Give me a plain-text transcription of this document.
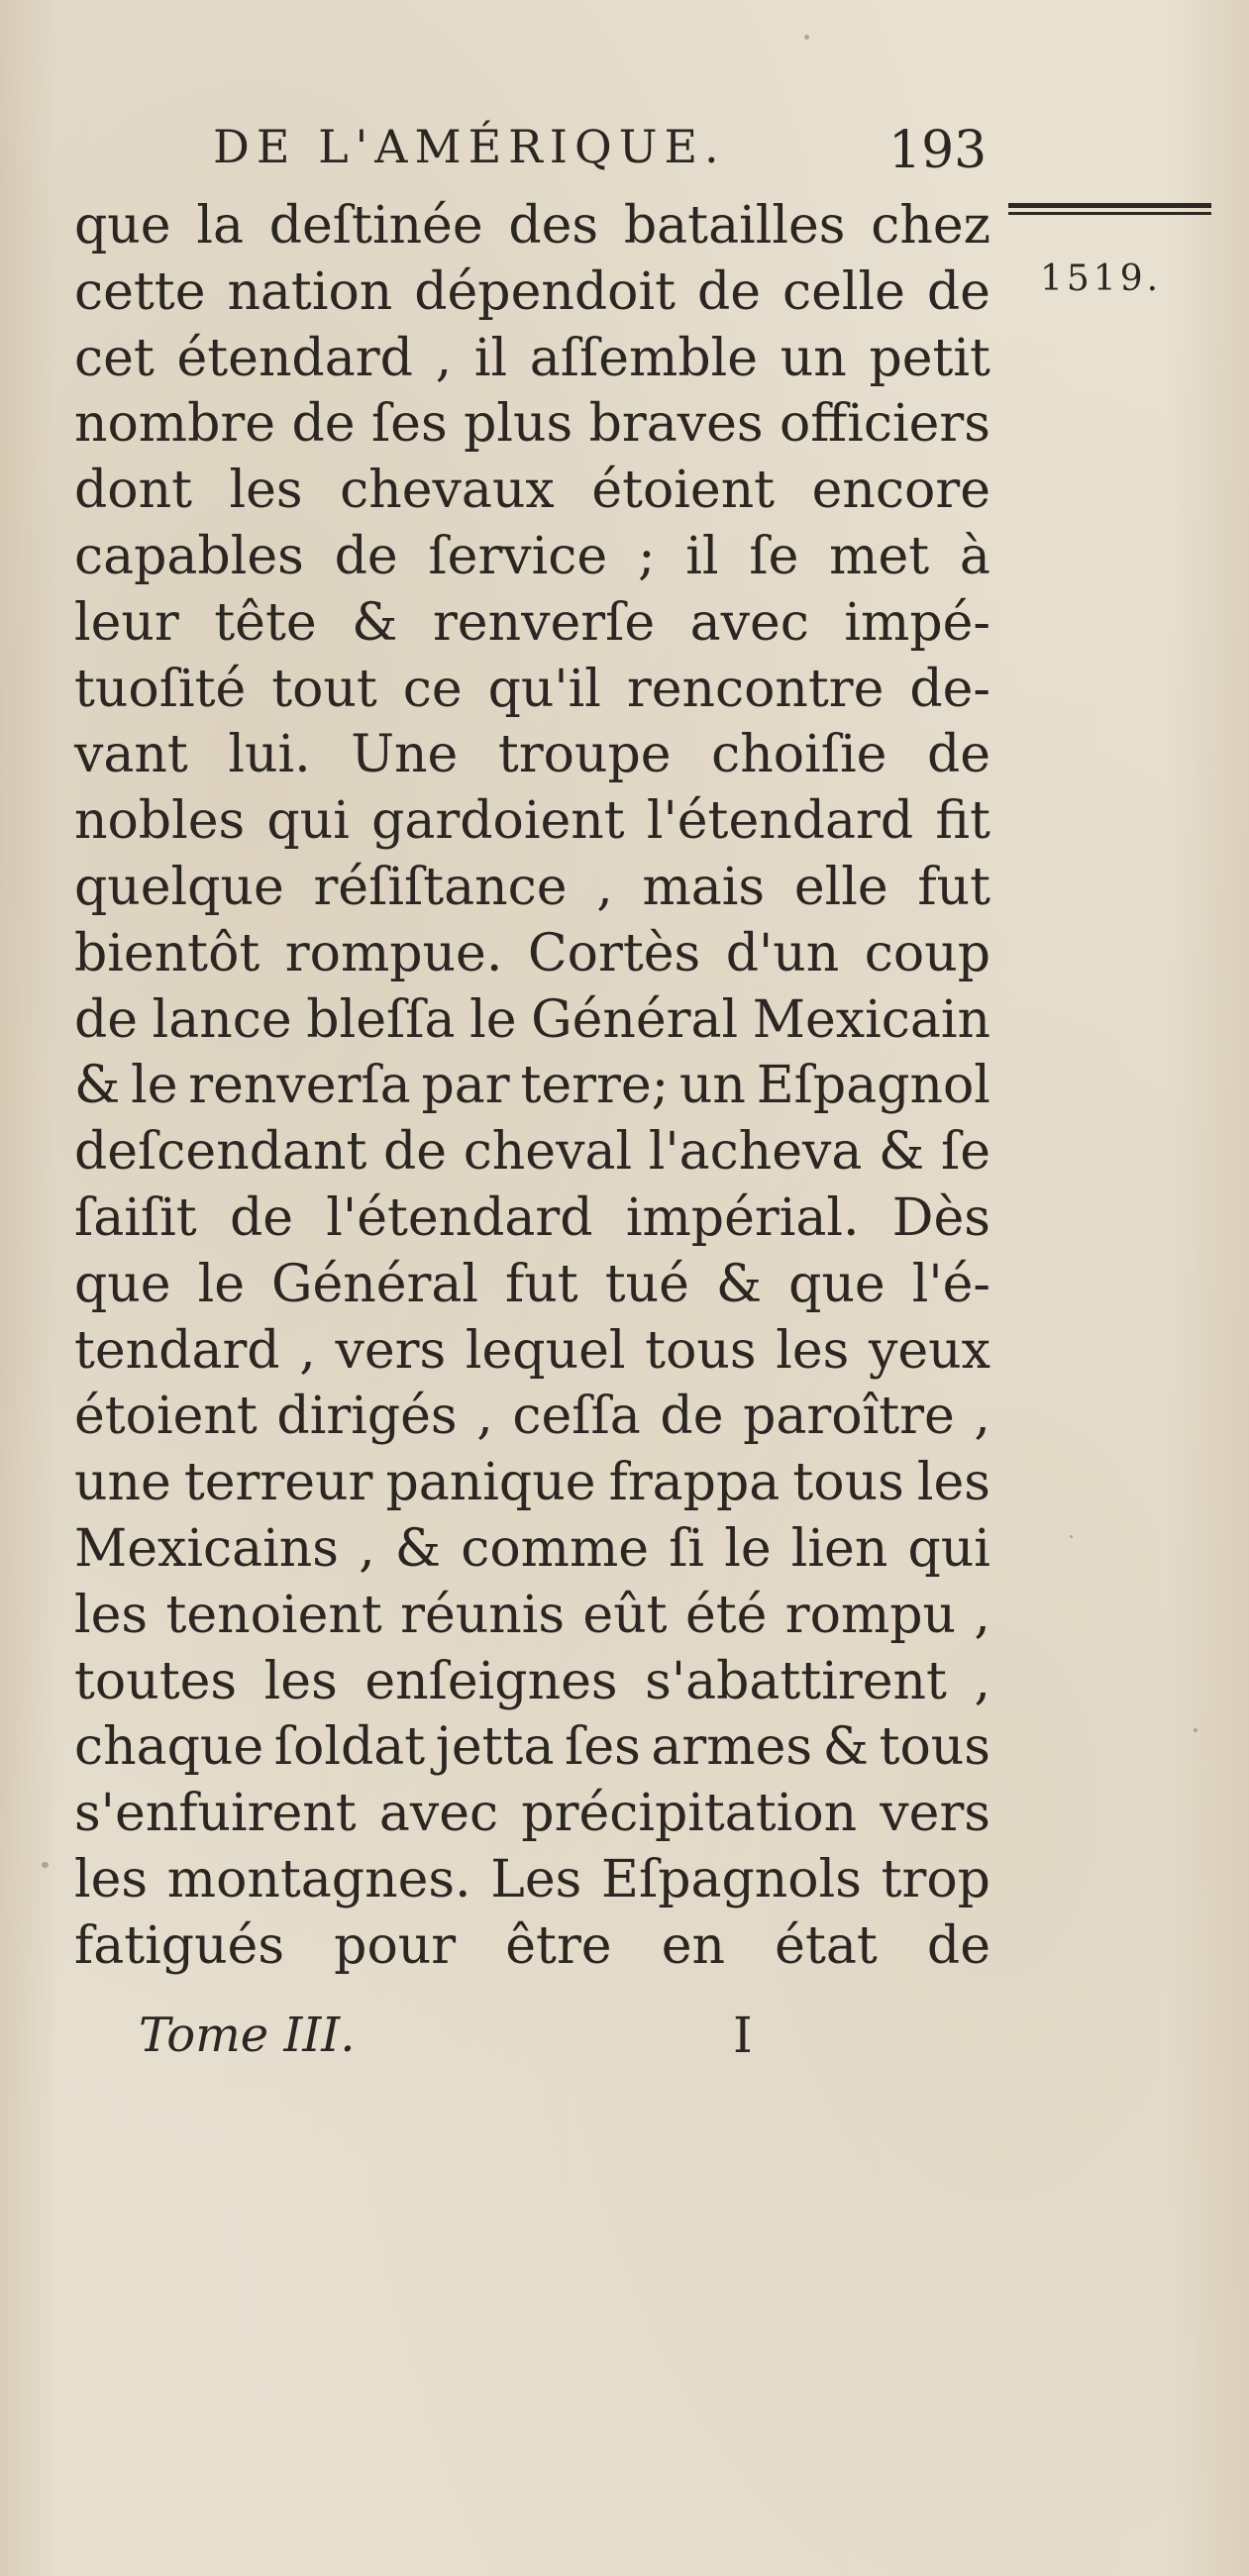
DE L'AMÉRIQUE.	193
1519.
que la deſtinée des batailles chez
cette nation dépendoit de celle de
cet étendard , il aſſemble un petit
nombre de ſes plus braves officiers
dont les chevaux étoient encore
capables de ſervice ; il ſe met à
leur tête & renverſe avec impé-
tuoſité tout ce qu'il rencontre de-
vant lui. Une troupe choiſie de
nobles qui gardoient l'étendard fit
quelque réſiſtance , mais elle fut
bientôt rompue. Cortès d'un coup
de lance bleſſa le Général Mexicain
& le renverſa par terre; un Eſpagnol
deſcendant de cheval l'acheva & ſe
ſaiſit de l'étendard impérial. Dès
que le Général fut tué & que l'é-
tendard , vers lequel tous les yeux
étoient dirigés , ceſſa de paroître ,
une terreur panique frappa tous les
Mexicains , & comme ſi le lien qui
les tenoient réunis eût été rompu ,
toutes les enſeignes s'abattirent ,
chaque ſoldat jetta ſes armes & tous
s'enfuirent avec précipitation vers
les montagnes. Les Eſpagnols trop
fatigués pour être en état de
Tome III.	I
